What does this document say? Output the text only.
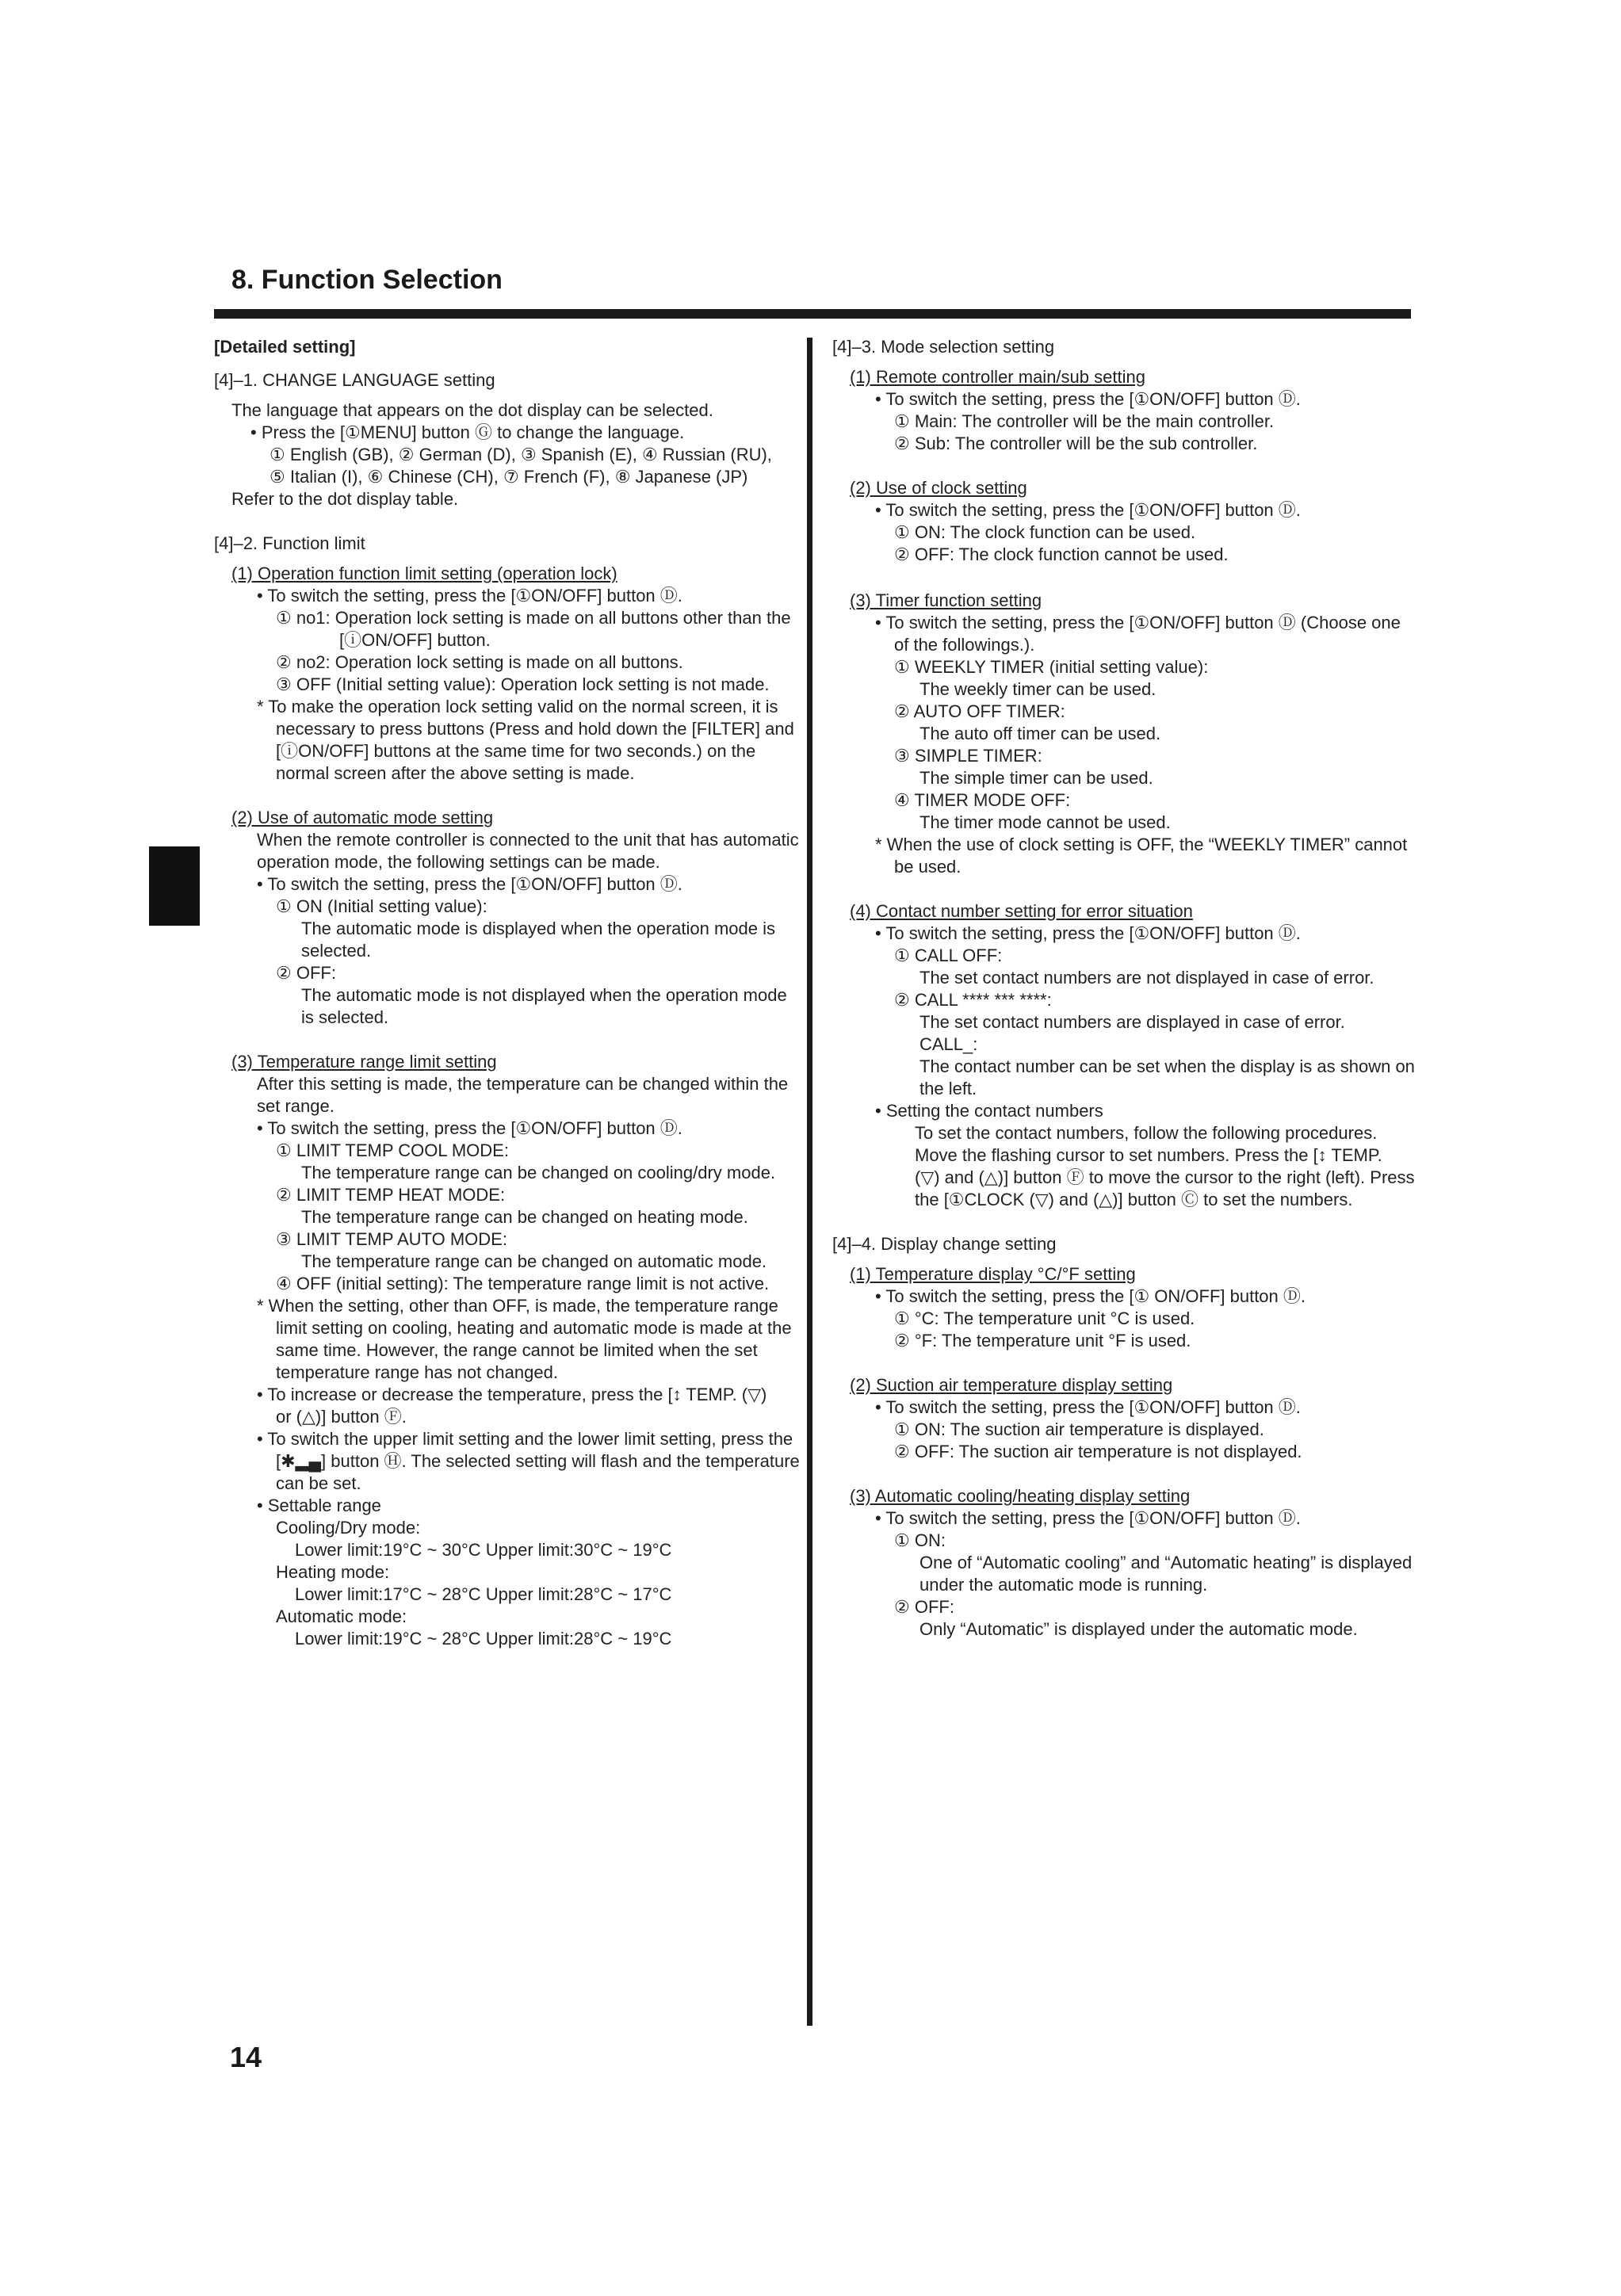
8. Function Selection
[Detailed setting]
[4]–1. CHANGE LANGUAGE setting
The language that appears on the dot display can be selected.
• Press the [①MENU] button Ⓖ to change the language.
① English (GB), ② German (D), ③ Spanish (E), ④ Russian (RU),
⑤ Italian (I), ⑥ Chinese (CH), ⑦ French (F), ⑧ Japanese (JP)
Refer to the dot display table.
[4]–2. Function limit
(1) Operation function limit setting (operation lock)
• To switch the setting, press the [①ON/OFF] button Ⓓ.
① no1: Operation lock setting is made on all buttons other than the
[ⓘON/OFF] button.
② no2: Operation lock setting is made on all buttons.
③ OFF (Initial setting value): Operation lock setting is not made.
* To make the operation lock setting valid on the normal screen, it is
necessary to press buttons (Press and hold down the [FILTER] and
[ⓘON/OFF] buttons at the same time for two seconds.) on the
normal screen after the above setting is made.
(2) Use of automatic mode setting
When the remote controller is connected to the unit that has automatic
operation mode, the following settings can be made.
• To switch the setting, press the [①ON/OFF] button Ⓓ.
① ON (Initial setting value):
The automatic mode is displayed when the operation mode is
selected.
② OFF:
The automatic mode is not displayed when the operation mode
is selected.
(3) Temperature range limit setting
After this setting is made, the temperature can be changed within the
set range.
• To switch the setting, press the [①ON/OFF] button Ⓓ.
① LIMIT TEMP COOL MODE:
The temperature range can be changed on cooling/dry mode.
② LIMIT TEMP HEAT MODE:
The temperature range can be changed on heating mode.
③ LIMIT TEMP AUTO MODE:
The temperature range can be changed on automatic mode.
④ OFF (initial setting): The temperature range limit is not active.
* When the setting, other than OFF, is made, the temperature range
limit setting on cooling, heating and automatic mode is made at the
same time. However, the range cannot be limited when the set
temperature range has not changed.
• To increase or decrease the temperature, press the [↕ TEMP. (▽)
or (△)] button Ⓕ.
• To switch the upper limit setting and the lower limit setting, press the
[✱▂▄] button Ⓗ. The selected setting will flash and the temperature
can be set.
• Settable range
Cooling/Dry mode:
Lower limit:19°C ~ 30°C Upper limit:30°C ~ 19°C
Heating mode:
Lower limit:17°C ~ 28°C Upper limit:28°C ~ 17°C
Automatic mode:
Lower limit:19°C ~ 28°C Upper limit:28°C ~ 19°C
[4]–3. Mode selection setting
(1) Remote controller main/sub setting
• To switch the setting, press the [①ON/OFF] button Ⓓ.
① Main: The controller will be the main controller.
② Sub: The controller will be the sub controller.
(2) Use of clock setting
• To switch the setting, press the [①ON/OFF] button Ⓓ.
① ON: The clock function can be used.
② OFF: The clock function cannot be used.
(3) Timer function setting
• To switch the setting, press the [①ON/OFF] button Ⓓ (Choose one
of the followings.).
① WEEKLY TIMER (initial setting value):
The weekly timer can be used.
② AUTO OFF TIMER:
The auto off timer can be used.
③ SIMPLE TIMER:
The simple timer can be used.
④ TIMER MODE OFF:
The timer mode cannot be used.
* When the use of clock setting is OFF, the “WEEKLY TIMER” cannot
be used.
(4) Contact number setting for error situation
• To switch the setting, press the [①ON/OFF] button Ⓓ.
① CALL OFF:
The set contact numbers are not displayed in case of error.
② CALL **** *** ****:
The set contact numbers are displayed in case of error.
CALL_:
The contact number can be set when the display is as shown on
the left.
• Setting the contact numbers
To set the contact numbers, follow the following procedures.
Move the flashing cursor to set numbers. Press the [↕ TEMP.
(▽) and (△)] button Ⓕ to move the cursor to the right (left). Press
the [①CLOCK (▽) and (△)] button Ⓒ to set the numbers.
[4]–4. Display change setting
(1) Temperature display °C/°F setting
• To switch the setting, press the [① ON/OFF] button Ⓓ.
① °C: The temperature unit °C is used.
② °F: The temperature unit °F is used.
(2) Suction air temperature display setting
• To switch the setting, press the [①ON/OFF] button Ⓓ.
① ON: The suction air temperature is displayed.
② OFF: The suction air temperature is not displayed.
(3) Automatic cooling/heating display setting
• To switch the setting, press the [①ON/OFF] button Ⓓ.
① ON:
One of “Automatic cooling” and “Automatic heating” is displayed
under the automatic mode is running.
② OFF:
Only “Automatic” is displayed under the automatic mode.
14
